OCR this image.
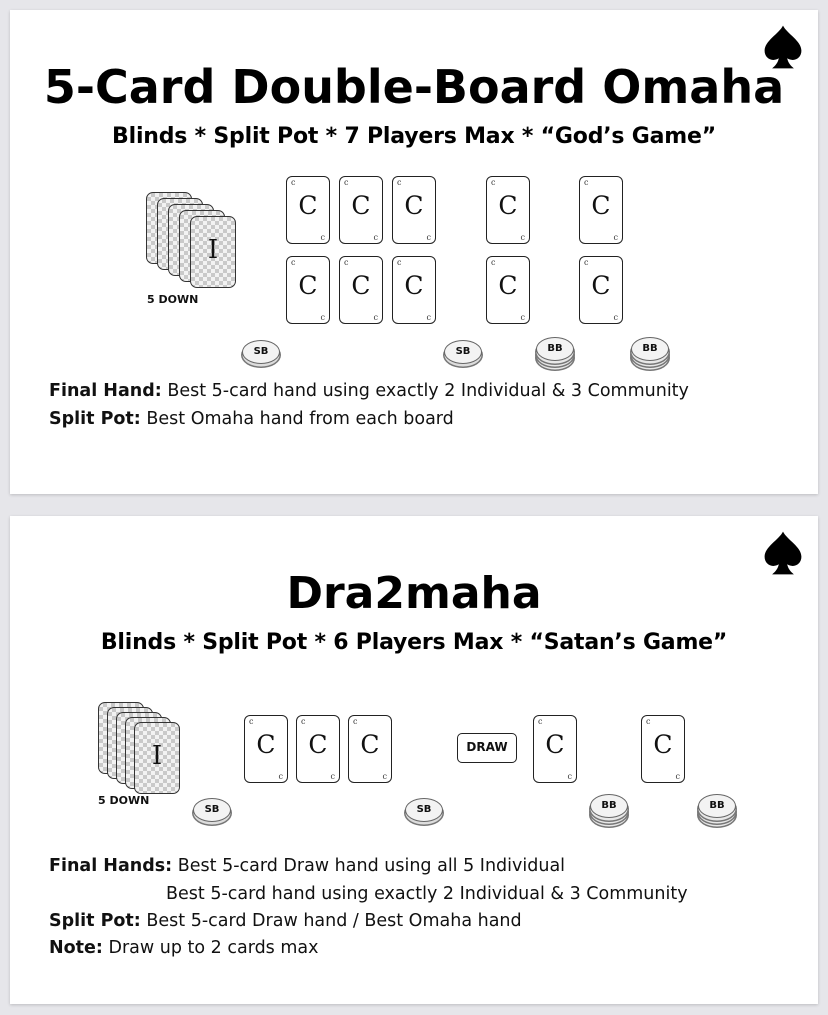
5-Card Double-Board Omaha
Blinds * Split Pot * 7 Players Max * “God’s Game”
I
5 DOWN
c
C
c
c
C
c
c
C
c
c
C
c
c
C
c
c
C
c
c
C
c
c
C
c
c
C
c
c
C
c
SB	SB	BB	BB
Final Hand: Best 5-card hand using exactly 2 Individual & 3 Community
Split Pot: Best Omaha hand from each board
Dra2maha
Blinds * Split Pot * 6 Players Max * “Satan’s Game”
I
5 DOWN
c
C
c
c
C
c
c
C
c
DRAW
c
C
c
c
C
c
SB	SB	BB	BB
Final Hands: Best 5-card Draw hand using all 5 Individual
Best 5-card hand using exactly 2 Individual & 3 Community
Split Pot: Best 5-card Draw hand / Best Omaha hand
Note: Draw up to 2 cards max
